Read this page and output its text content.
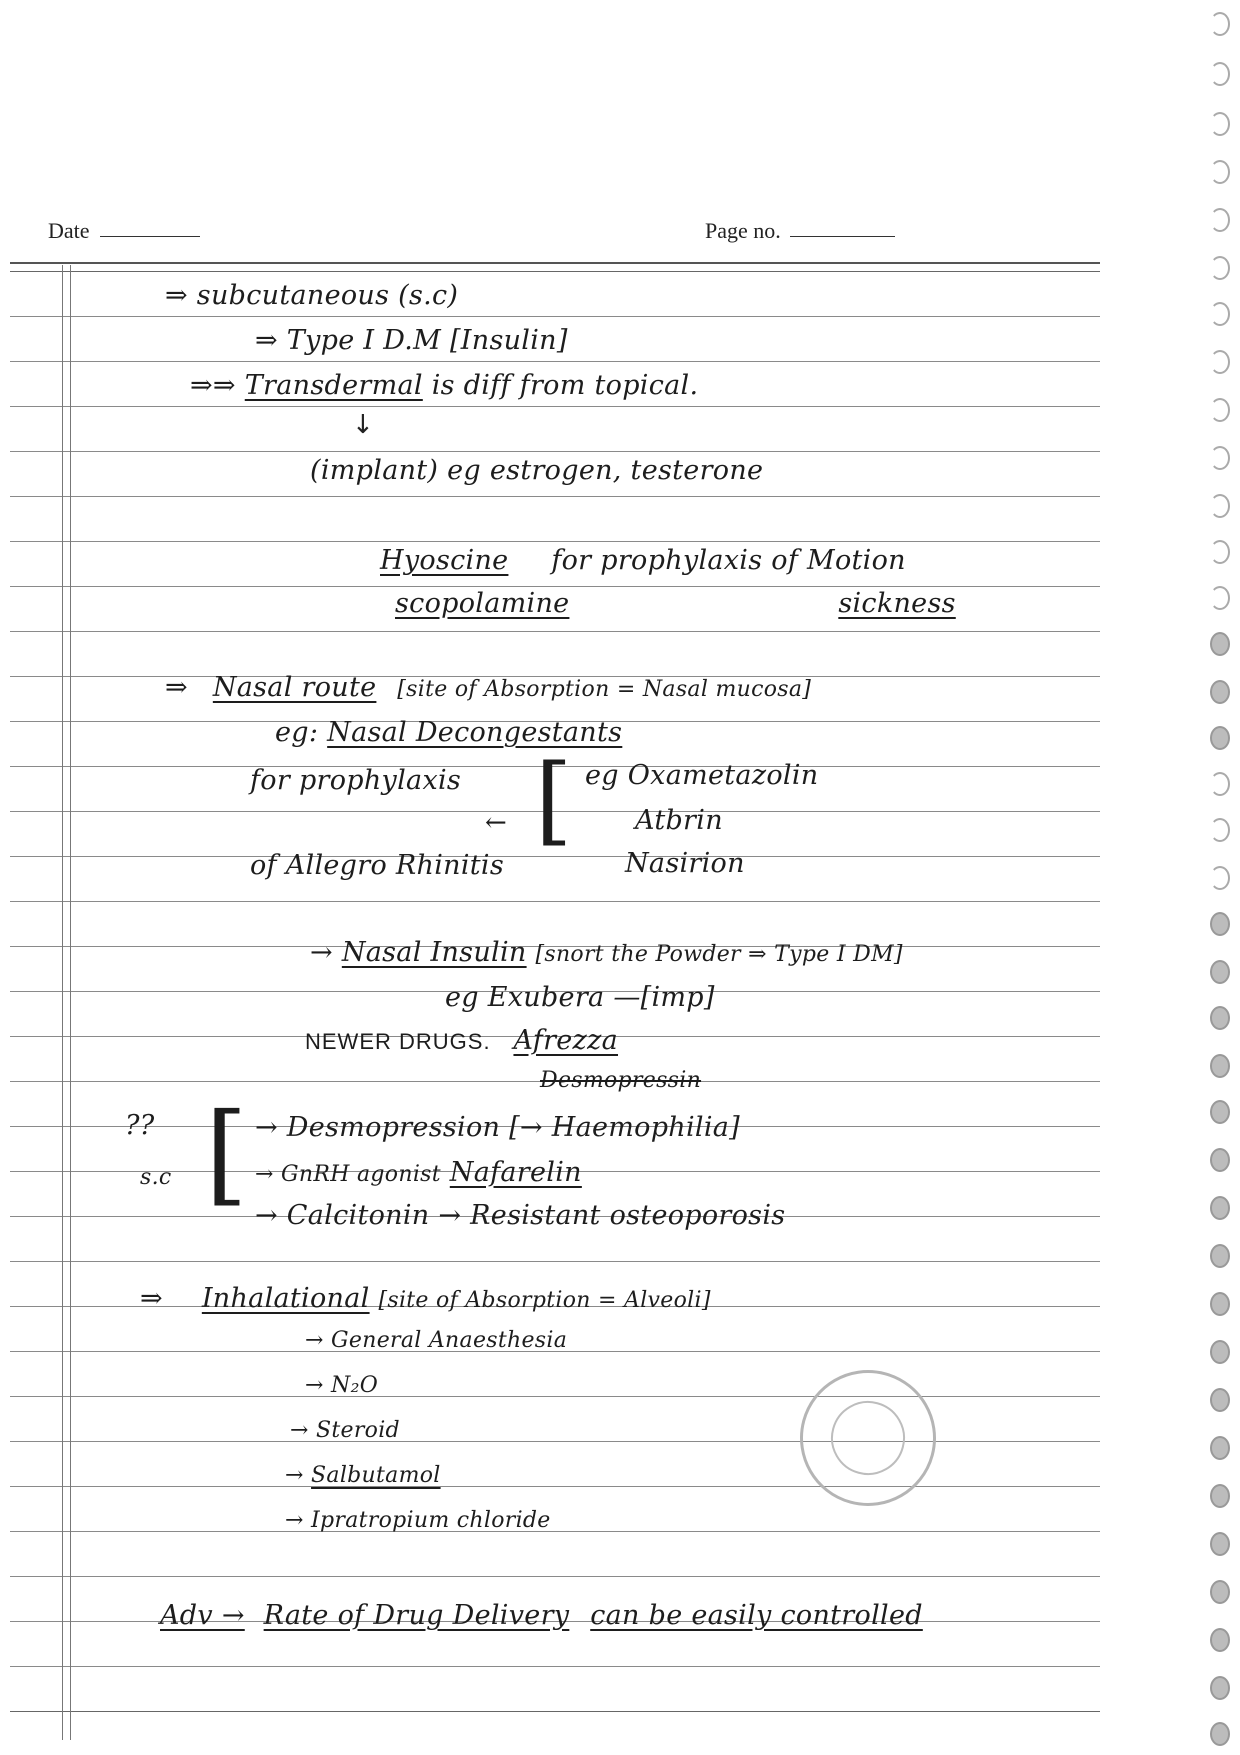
Date	Page no.
⇒ subcutaneous (s.c)
⇒ Type I D.M [Insulin]
⇒⇒ Transdermal is diff from topical.
↓
(implant) eg estrogen, testerone
Hyoscine for prophylaxis of Motion
scopolamine	sickness
⇒ Nasal route [site of Absorption = Nasal mucosa]
eg: Nasal Decongestants
for prophylaxis	eg Oxametazolin
← [ Atbrin
of Allegro Rhinitis	Nasirion
→ Nasal Insulin [snort the Powder ⇒ Type I DM]
eg Exubera —[imp]
NEWER DRUGS. Afrezza
Desmopressin
?? [ → Desmopression [→ Haemophilia]
s.c	→ GnRH agonist Nafarelin
→ Calcitonin → Resistant osteoporosis
⇒ Inhalational [site of Absorption = Alveoli]
→ General Anaesthesia
→ N₂O
→ Steroid
→ Salbutamol
→ Ipratropium chloride
Adv → Rate of Drug Delivery can be easily controlled
